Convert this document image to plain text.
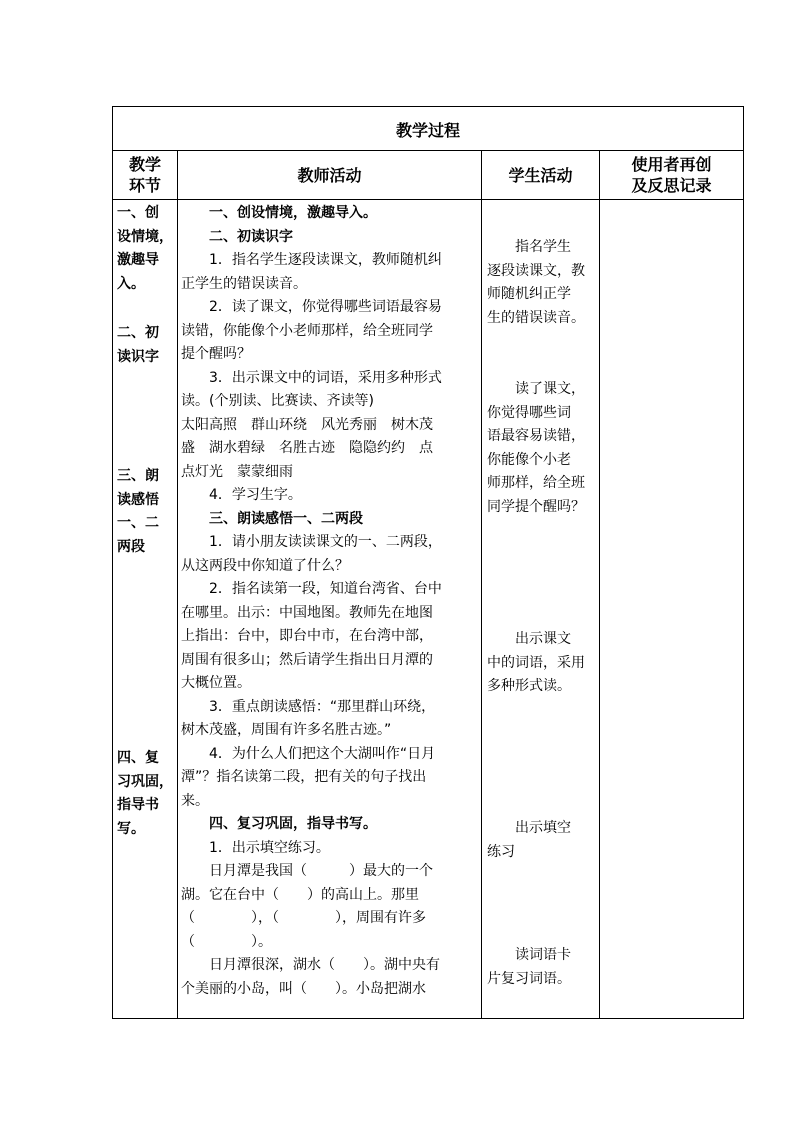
教学过程
教学
环节
教师活动	学生活动
使用者再创
及反思记录
一、创
设情境，
激趣导
入。
二、初
读识字
三、朗
读感悟
一、二
两段
四、复
习巩固，
指导书
写。
　　一、创设情境，激趣导入。
　　二、初读识字
　　1．指名学生逐段读课文，教师随机纠
正学生的错误读音。
　　2．读了课文，你觉得哪些词语最容易
读错，你能像个小老师那样，给全班同学
提个醒吗？
　　3．出示课文中的词语，采用多种形式
读。(个别读、比赛读、齐读等)
太阳高照　群山环绕　风光秀丽　树木茂
盛　湖水碧绿　名胜古迹　隐隐约约　点
点灯光　蒙蒙细雨
　　4．学习生字。
　　三、朗读感悟一、二两段
　　1．请小朋友读读课文的一、二两段，
从这两段中你知道了什么？
　　2．指名读第一段，知道台湾省、台中
在哪里。出示：中国地图。教师先在地图
上指出：台中，即台中市，在台湾中部，
周围有很多山；然后请学生指出日月潭的
大概位置。
　　3．重点朗读感悟：“那里群山环绕，
树木茂盛，周围有许多名胜古迹。”
　　4．为什么人们把这个大湖叫作“日月
潭”？指名读第二段，把有关的句子找出
来。
　　四、复习巩固，指导书写。
　　1．出示填空练习。
　　日月潭是我国（　　　）最大的一个
湖。它在台中（　　）的高山上。那里
（　　　　），（　　　　），周围有许多
（　　　　）。
　　日月潭很深，湖水（　　）。湖中央有
个美丽的小岛，叫（　　）。小岛把湖水
　　指名学生
逐段读课文，教
师随机纠正学
生的错误读音。
　　读了课文，
你觉得哪些词
语最容易读错，
你能像个小老
师那样，给全班
同学提个醒吗？
　　出示课文
中的词语，采用
多种形式读。
　　出示填空
练习
　　读词语卡
片复习词语。
